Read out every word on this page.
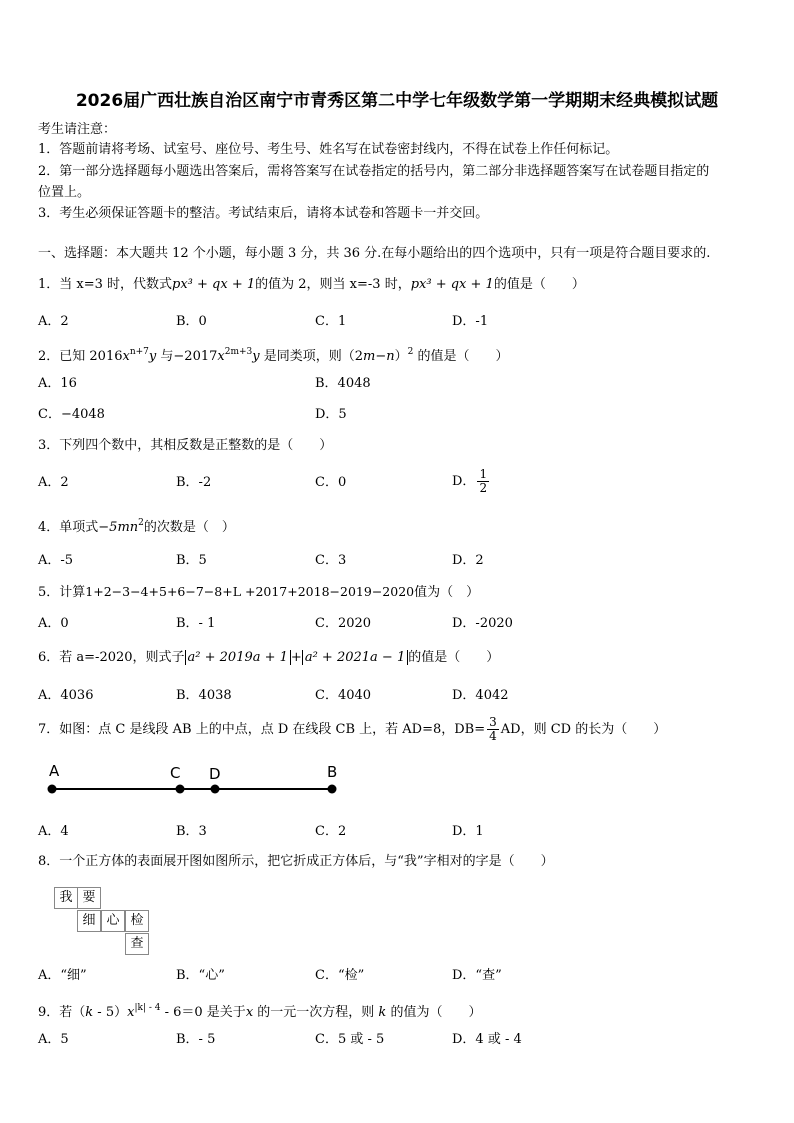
2026届广西壮族自治区南宁市青秀区第二中学七年级数学第一学期期末经典模拟试题
考生请注意：
1．答题前请将考场、试室号、座位号、考生号、姓名写在试卷密封线内，不得在试卷上作任何标记。
2．第一部分选择题每小题选出答案后，需将答案写在试卷指定的括号内，第二部分非选择题答案写在试卷题目指定的
位置上。
3．考生必须保证答题卡的整洁。考试结束后，请将本试卷和答题卡一并交回。
一、选择题：本大题共 12 个小题，每小题 3 分，共 36 分.在每小题给出的四个选项中，只有一项是符合题目要求的.
1．当 x=3 时，代数式px³ + qx + 1的值为 2，则当 x=-3 时，px³ + qx + 1的值是（　　）
A．2	B．0	C．1	D．-1
2．已知 $2016x^{n+7}y$ 与$-2017x^{2m+3}y$ 是同类项，则$(2m-n)^2$ 的值是（　　）
A．16	B．4048
C．−4048	D．5
3．下列四个数中，其相反数是正整数的是（　　）
A．2	B．-2	C．0	D． $\frac{1}{2}$
4．单项式$-5mn^2$的次数是（　）
A．-5	B．5	C．3	D．2
5．计算1+2−3−4+5+6−7−8+L +2017+2018−2019−2020值为（　）
A．0	B．- 1	C．2020	D．-2020
6．若 a=-2020，则式子 a² + 2019a + 1 + a² + 2021a − 1 的值是（　　）
A．4036	B．4038	C．4040	D．4042
7．如图：点 C 是线段 AB 上的中点，点 D 在线段 CB 上，若 AD=8，$DB= \frac{3}{4}$ AD，则 CD 的长为（　　）
A	C D	B
A．4	B．3	C．2	D．1
8．一个正方体的表面展开图如图所示，把它折成正方体后，与“我”字相对的字是（　　）
我 要
细 心 检
查
A．“细”	B．“心”	C．“检”	D．“查”
9．若$(k - 5)x^{|k| - 4} - 6=0$ 是关于x 的一元一次方程，则 k 的值为（　　）
A．5	B．- 5	C．5 或 - 5	D．4 或 - 4
